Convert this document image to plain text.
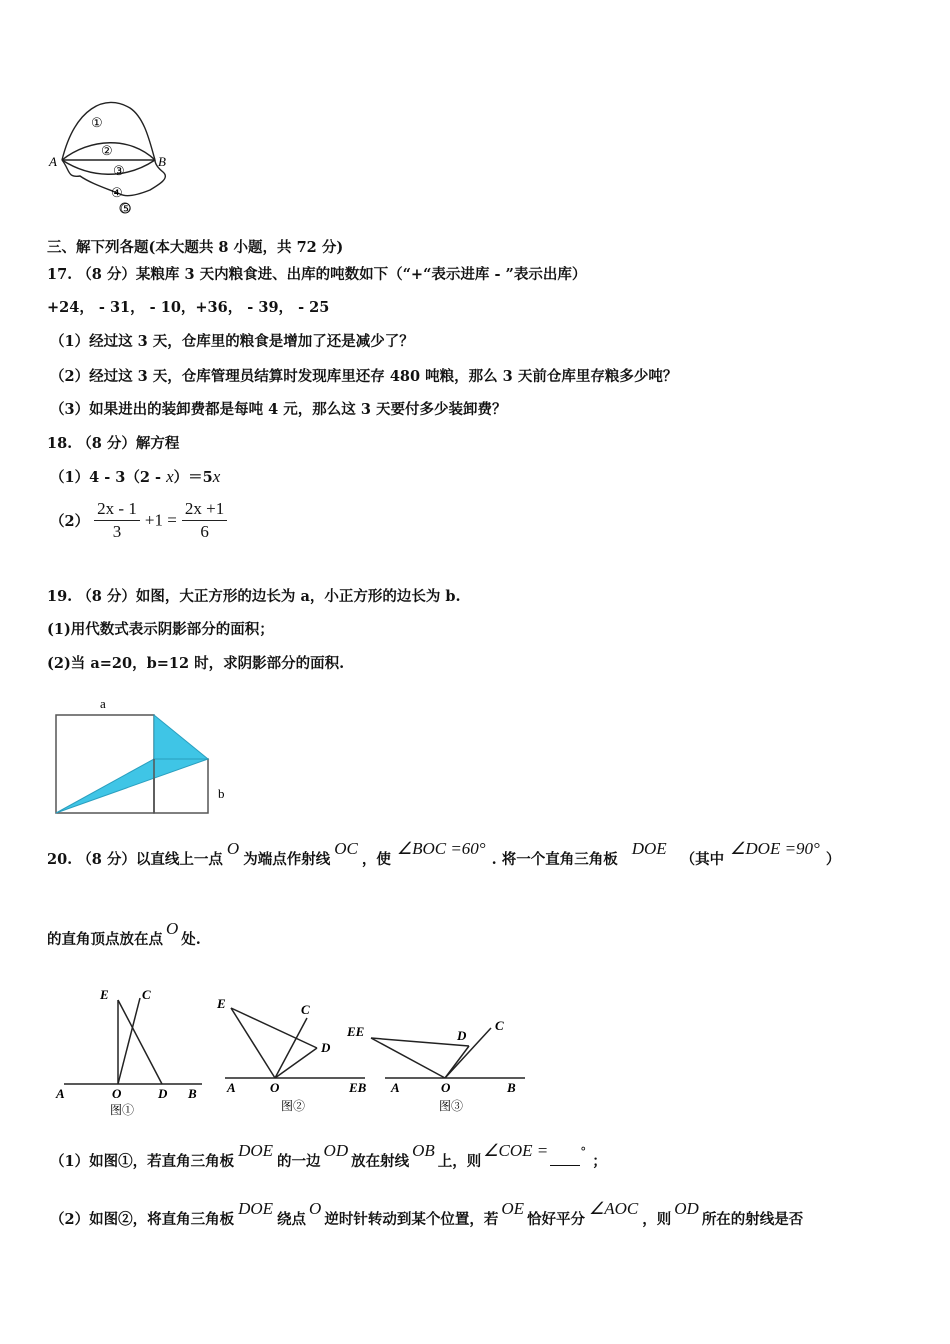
①
②
③
④
⑤
A	B
三、解下列各题(本大题共 8 小题，共 72 分)
17. （8 分）某粮库 3 天内粮食进、出库的吨数如下（“+“表示进库 - ”表示出库）
+24， - 31， - 10，+36， - 39， - 25
（1）经过这 3 天，仓库里的粮食是增加了还是减少了？
（2）经过这 3 天，仓库管理员结算时发现库里还存 480 吨粮，那么 3 天前仓库里存粮多少吨？
（3）如果进出的装卸费都是每吨 4 元，那么这 3 天要付多少装卸费？
18. （8 分）解方程
（1）4 - 3（2 - x）＝5x
$(2) \frac{2x - 1}{3} +1 = \frac{2x +1}{6}$
19. （8 分）如图，大正方形的边长为 a，小正方形的边长为 b.
(1)用代数式表示阴影部分的面积；
(2)当 a=20，b=12 时，求阴影部分的面积.
a
b
20. （8 分）以直线上一点O为端点作射线OC，使∠BOC =60°. 将一个直角三角板DOE（其中∠DOE =90°）
的直角顶点放在点O处.
E	C
A	O	D B
图①
E	C
D
A	O	EB
图②
EE	D
C
A	O	B
图③
（1）如图①，若直角三角板DOE的一边OD放在射线OB上，则∠COE =	°；
（2）如图②，将直角三角板DOE绕点O逆时针转动到某个位置，若OE恰好平分∠AOC，则OD所在的射线是否
